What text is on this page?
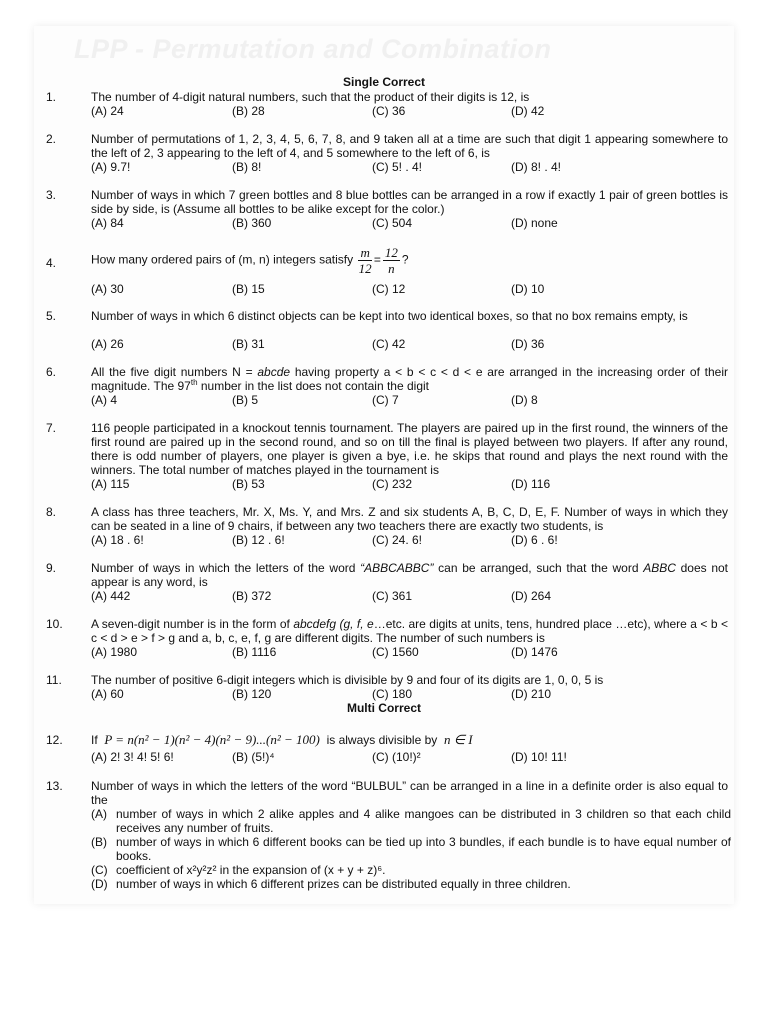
LPP - Permutation and Combination
Single Correct
1.	The number of 4-digit natural numbers, such that the product of their digits is 12, is
(A) 24	(B) 28	(C) 36	(D) 42
2.	Number of permutations of 1, 2, 3, 4, 5, 6, 7, 8, and 9 taken all at a time are such that digit 1 appearing somewhere to the left of 2, 3 appearing to the left of 4, and 5 somewhere to the left of 6, is
(A) 9.7!	(B) 8!	(C) 5! . 4!	(D) 8! . 4!
3.	Number of ways in which 7 green bottles and 8 blue bottles can be arranged in a row if exactly 1 pair of green bottles is side by side, is (Assume all bottles to be alike except for the color.)
(A) 84	(B) 360	(C) 504	(D) none
4.	How many ordered pairs of (m, n) integers satisfy $\frac{m}{12} = \frac{12}{n}$ ?
(A) 30	(B) 15	(C) 12	(D) 10
5.	Number of ways in which 6 distinct objects can be kept into two identical boxes, so that no box remains empty, is
(A) 26	(B) 31	(C) 42	(D) 36
6.	All the five digit numbers N = abcde having property a < b < c < d < e are arranged in the increasing order of their magnitude. The 97th number in the list does not contain the digit
(A) 4	(B) 5	(C) 7	(D) 8
7.	116 people participated in a knockout tennis tournament. The players are paired up in the first round, the winners of the first round are paired up in the second round, and so on till the final is played between two players. If after any round, there is odd number of players, one player is given a bye, i.e. he skips that round and plays the next round with the winners. The total number of matches played in the tournament is
(A) 115	(B) 53	(C) 232	(D) 116
8.	A class has three teachers, Mr. X, Ms. Y, and Mrs. Z and six students A, B, C, D, E, F. Number of ways in which they can be seated in a line of 9 chairs, if between any two teachers there are exactly two students, is
(A) 18 . 6!	(B) 12 . 6!	(C) 24. 6!	(D) 6 . 6!
9.	Number of ways in which the letters of the word “ABBCABBC” can be arranged, such that the word ABBC does not appear is any word, is
(A) 442	(B) 372	(C) 361	(D) 264
10. A seven-digit number is in the form of abcdefg (g, f, e…etc. are digits at units, tens, hundred place …etc), where a < b < c < d > e > f > g and a, b, c, e, f, g are different digits. The number of such numbers is
(A) 1980	(B) 1116	(C) 1560	(D) 1476
11. The number of positive 6-digit integers which is divisible by 9 and four of its digits are 1, 0, 0, 5 is
(A) 60	(B) 120	(C) 180	(D) 210
Multi Correct
12. If P = n(n² − 1)(n² − 4)(n² − 9)...(n² − 100) is always divisible by n ∈ I
(A) 2! 3! 4! 5! 6!	(B) (5!)⁴	(C) (10!)²	(D) 10! 11!
13. Number of ways in which the letters of the word “BULBUL” can be arranged in a line in a definite order is also equal to the
(A) number of ways in which 2 alike apples and 4 alike mangoes can be distributed in 3 children so that each child receives any number of fruits.
(B) number of ways in which 6 different books can be tied up into 3 bundles, if each bundle is to have equal number of books.
(C) coefficient of x²y²z² in the expansion of (x + y + z)⁶.
(D) number of ways in which 6 different prizes can be distributed equally in three children.
